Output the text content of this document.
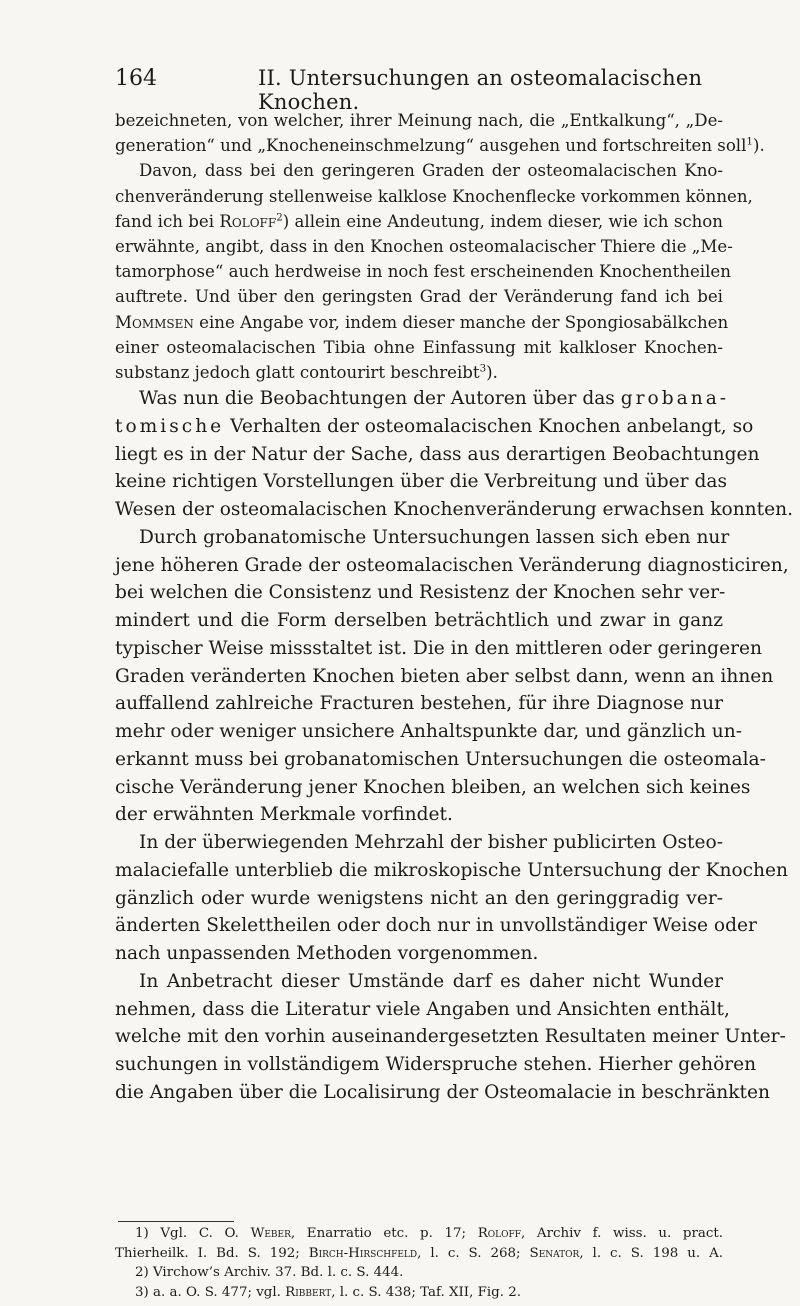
164	II. Untersuchungen an osteomalacischen Knochen.
bezeichneten, von welcher, ihrer Meinung nach, die „Entkalkung“, „De-
generation“ und „Knocheneinschmelzung“ ausgehen und fortschreiten soll$^1$).
Davon, dass bei den geringeren Graden der osteomalacischen Kno-
chenveränderung stellenweise kalklose Knochenflecke vorkommen können,
fand ich bei Roloff$^2$) allein eine Andeutung, indem dieser, wie ich schon
erwähnte, angibt, dass in den Knochen osteomalacischer Thiere die „Me-
tamorphose“ auch herdweise in noch fest erscheinenden Knochentheilen
auftrete. Und über den geringsten Grad der Veränderung fand ich bei
Mommsen eine Angabe vor, indem dieser manche der Spongiosabälkchen
einer osteomalacischen Tibia ohne Einfassung mit kalkloser Knochen-
substanz jedoch glatt contourirt beschreibt$^3$).
Was nun die Beobachtungen der Autoren über das grobana-
tomische Verhalten der osteomalacischen Knochen anbelangt, so
liegt es in der Natur der Sache, dass aus derartigen Beobachtungen
keine richtigen Vorstellungen über die Verbreitung und über das
Wesen der osteomalacischen Knochenveränderung erwachsen konnten.
Durch grobanatomische Untersuchungen lassen sich eben nur
jene höheren Grade der osteomalacischen Veränderung diagnosticiren,
bei welchen die Consistenz und Resistenz der Knochen sehr ver-
mindert und die Form derselben beträchtlich und zwar in ganz
typischer Weise missstaltet ist. Die in den mittleren oder geringeren
Graden veränderten Knochen bieten aber selbst dann, wenn an ihnen
auffallend zahlreiche Fracturen bestehen, für ihre Diagnose nur
mehr oder weniger unsichere Anhaltspunkte dar, und gänzlich un-
erkannt muss bei grobanatomischen Untersuchungen die osteomala-
cische Veränderung jener Knochen bleiben, an welchen sich keines
der erwähnten Merkmale vorfindet.
In der überwiegenden Mehrzahl der bisher publicirten Osteo-
malaciefalle unterblieb die mikroskopische Untersuchung der Knochen
gänzlich oder wurde wenigstens nicht an den geringgradig ver-
änderten Skelettheilen oder doch nur in unvollständiger Weise oder
nach unpassenden Methoden vorgenommen.
In Anbetracht dieser Umstände darf es daher nicht Wunder
nehmen, dass die Literatur viele Angaben und Ansichten enthält,
welche mit den vorhin auseinandergesetzten Resultaten meiner Unter-
suchungen in vollständigem Widerspruche stehen. Hierher gehören
die Angaben über die Localisirung der Osteomalacie in beschränkten
1) Vgl. C. O. Weber, Enarratio etc. p. 17; Roloff, Archiv f. wiss. u. pract.
Thierheilk. I. Bd. S. 192; Birch-Hirschfeld, l. c. S. 268; Senator, l. c. S. 198 u. A.
2) Virchow’s Archiv. 37. Bd. l. c. S. 444.
3) a. a. O. S. 477; vgl. Ribbert, l. c. S. 438; Taf. XII, Fig. 2.
